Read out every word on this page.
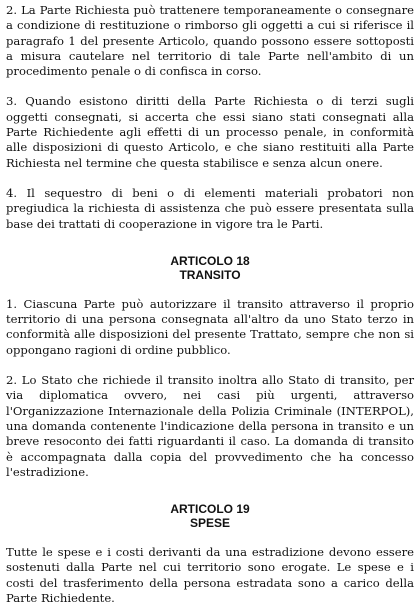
2. La Parte Richiesta può trattenere temporaneamente o consegnare a condizione di restituzione o rimborso gli oggetti a cui si riferisce il paragrafo 1 del presente Articolo, quando possono essere sottoposti a misura cautelare nel territorio di tale Parte nell'ambito di un procedimento penale o di confisca in corso.

3. Quando esistono diritti della Parte Richiesta o di terzi sugli oggetti consegnati, si accerta che essi siano stati consegnati alla Parte Richiedente agli effetti di un processo penale, in conformità alle disposizioni di questo Articolo, e che siano restituiti alla Parte Richiesta nel termine che questa stabilisce e senza alcun onere.

4. Il sequestro di beni o di elementi materiali probatori non pregiudica la richiesta di assistenza che può essere presentata sulla base dei trattati di cooperazione in vigore tra le Parti.

ARTICOLO 18

TRANSITO

1. Ciascuna Parte può autorizzare il transito attraverso il proprio territorio di una persona consegnata all'altro da uno Stato terzo in conformità alle disposizioni del presente Trattato, sempre che non si oppongano ragioni di ordine pubblico.

2. Lo Stato che richiede il transito inoltra allo Stato di transito, per via diplomatica ovvero, nei casi più urgenti, attraverso l'Organizzazione Internazionale della Polizia Criminale (INTERPOL), una domanda contenente l'indicazione della persona in transito e un breve resoconto dei fatti riguardanti il caso. La domanda di transito è accompagnata dalla copia del provvedimento che ha concesso l'estradizione.

ARTICOLO 19

SPESE

Tutte le spese e i costi derivanti da una estradizione devono essere sostenuti dalla Parte nel cui territorio sono erogate. Le spese e i costi del trasferimento della persona estradata sono a carico della Parte Richiedente.
